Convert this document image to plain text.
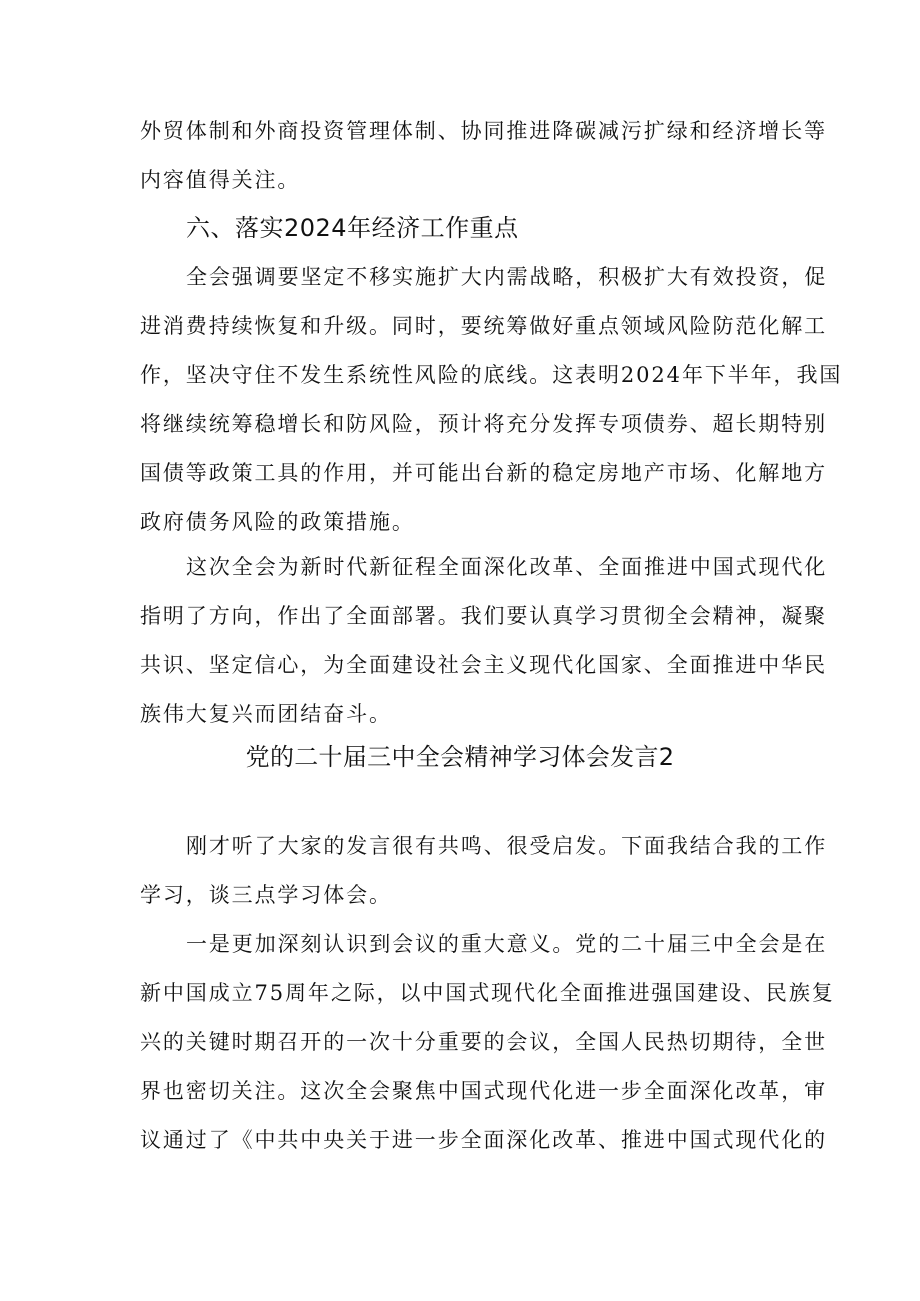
外贸体制和外商投资管理体制、协同推进降碳减污扩绿和经济增长等
内容值得关注。
六、落实2024年经济工作重点
全会强调要坚定不移实施扩大内需战略，积极扩大有效投资，促
进消费持续恢复和升级。同时，要统筹做好重点领域风险防范化解工
作，坚决守住不发生系统性风险的底线。这表明2024年下半年，我国
将继续统筹稳增长和防风险，预计将充分发挥专项债券、超长期特别
国债等政策工具的作用，并可能出台新的稳定房地产市场、化解地方
政府债务风险的政策措施。
这次全会为新时代新征程全面深化改革、全面推进中国式现代化
指明了方向，作出了全面部署。我们要认真学习贯彻全会精神，凝聚
共识、坚定信心，为全面建设社会主义现代化国家、全面推进中华民
族伟大复兴而团结奋斗。
党的二十届三中全会精神学习体会发言2
刚才听了大家的发言很有共鸣、很受启发。下面我结合我的工作
学习，谈三点学习体会。
一是更加深刻认识到会议的重大意义。党的二十届三中全会是在
新中国成立75周年之际，以中国式现代化全面推进强国建设、民族复
兴的关键时期召开的一次十分重要的会议，全国人民热切期待，全世
界也密切关注。这次全会聚焦中国式现代化进一步全面深化改革，审
议通过了《中共中央关于进一步全面深化改革、推进中国式现代化的
